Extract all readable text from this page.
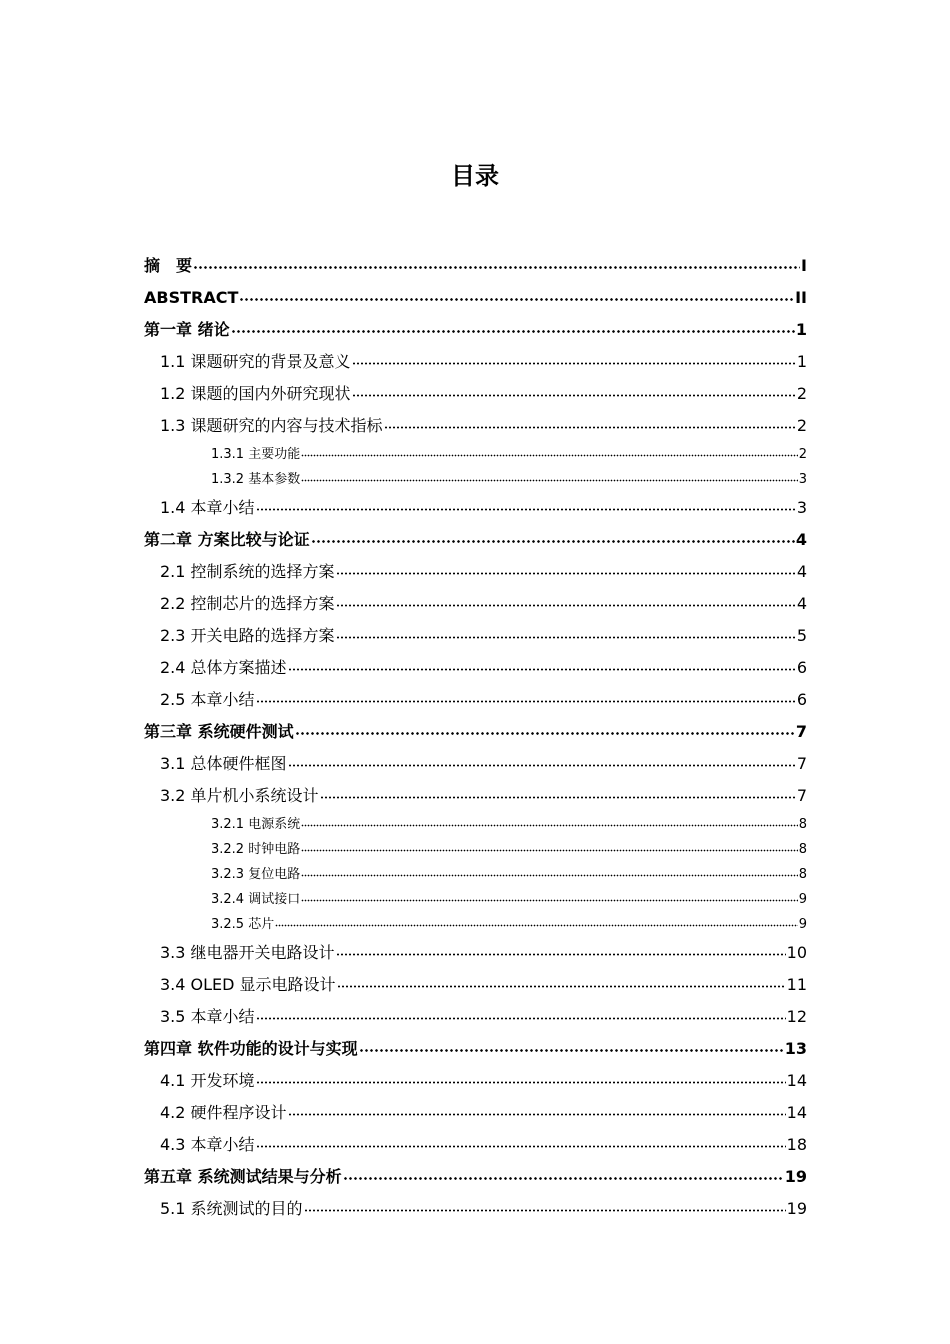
目录
摘　要	I
ABSTRACT	II
第一章 绪论	1
1.1 课题研究的背景及意义	1
1.2 课题的国内外研究现状	2
1.3 课题研究的内容与技术指标	2
1.3.1 主要功能	2
1.3.2 基本参数	3
1.4 本章小结	3
第二章 方案比较与论证	4
2.1 控制系统的选择方案	4
2.2 控制芯片的选择方案	4
2.3 开关电路的选择方案	5
2.4 总体方案描述	6
2.5 本章小结	6
第三章 系统硬件测试	7
3.1 总体硬件框图	7
3.2 单片机小系统设计	7
3.2.1 电源系统	8
3.2.2 时钟电路	8
3.2.3 复位电路	8
3.2.4 调试接口	9
3.2.5 芯片	9
3.3 继电器开关电路设计	10
3.4 OLED 显示电路设计	11
3.5 本章小结	12
第四章 软件功能的设计与实现	13
4.1 开发环境	14
4.2 硬件程序设计	14
4.3 本章小结	18
第五章 系统测试结果与分析	19
5.1 系统测试的目的	19
